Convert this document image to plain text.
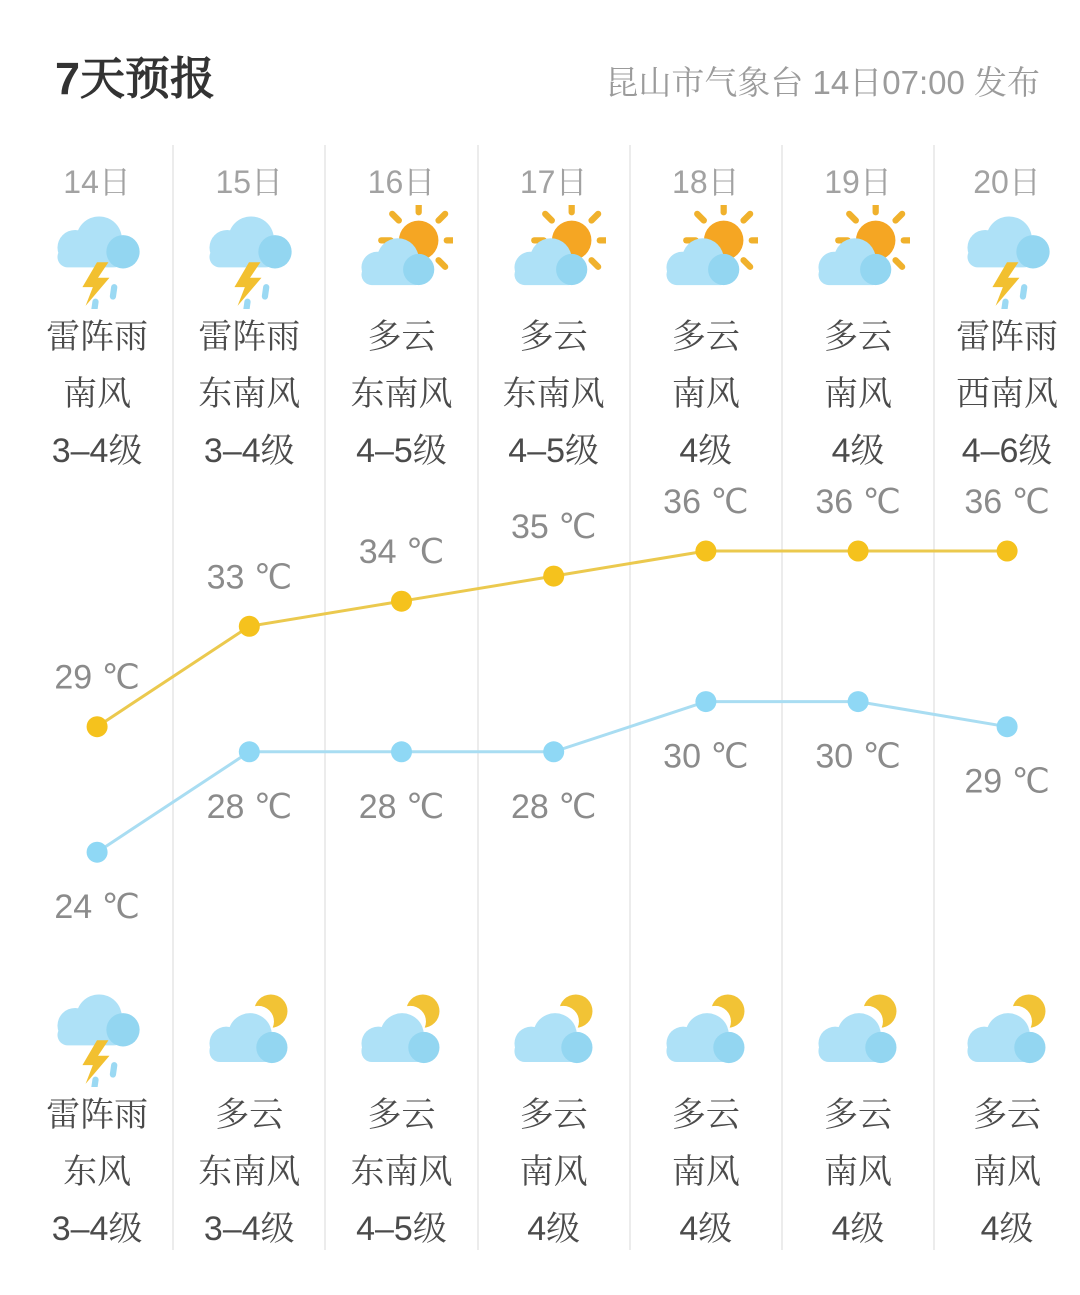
7天预报	昆山市气象台 14日07:00 发布
14日
雷阵雨
南风
3–4级
15日
雷阵雨
东南风
3–4级
16日
多云
东南风
4–5级
17日
多云
东南风
4–5级
18日
多云
南风
4级
19日
多云
南风
4级
20日
雷阵雨
西南风
4–6级
29 ℃
33 ℃
34 ℃
35 ℃
36 ℃ 36 ℃ 36 ℃
24 ℃
28 ℃ 28 ℃ 28 ℃
30 ℃ 30 ℃
29 ℃
雷阵雨
东风
3–4级
多云
东南风
3–4级
多云
东南风
4–5级
多云
南风
4级
多云
南风
4级
多云
南风
4级
多云
南风
4级
